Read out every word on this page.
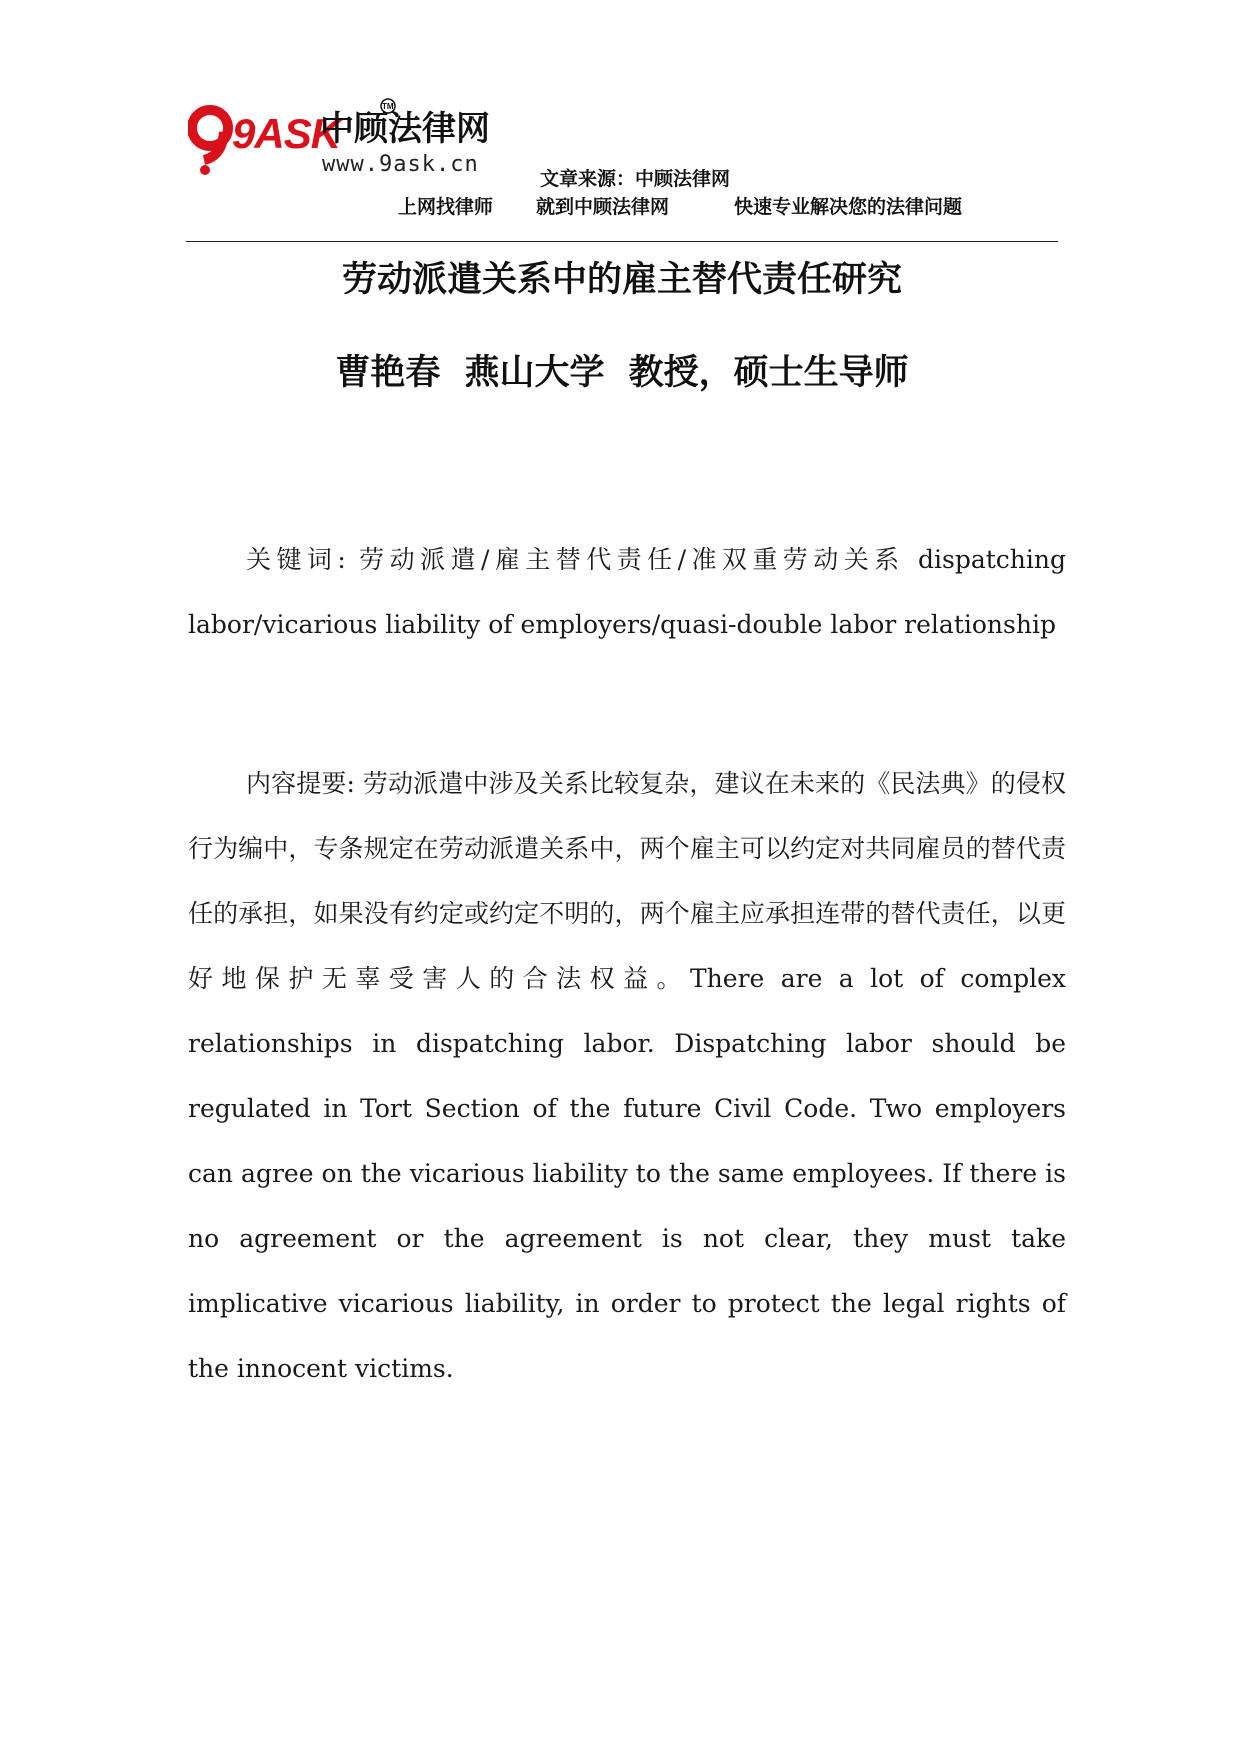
9ASK
中顾法律网
TM
www.9ask.cn
文章来源：中顾法律网
上网找律师 就到中顾法律网	快速专业解决您的法律问题
劳动派遣关系中的雇主替代责任研究
曹艳春 燕山大学 教授，硕士生导师

关键词: 劳动派遣/雇主替代责任/准双重劳动关系 dispatching labor/vicarious liability of employers/quasi-double labor relationship

内容提要: 劳动派遣中涉及关系比较复杂，建议在未来的《民法典》的侵权行为编中，专条规定在劳动派遣关系中，两个雇主可以约定对共同雇员的替代责任的承担，如果没有约定或约定不明的，两个雇主应承担连带的替代责任，以更好地保护无辜受害人的合法权益。There are a lot of complex relationships in dispatching labor. Dispatching labor should be regulated in Tort Section of the future Civil Code. Two employers can agree on the vicarious liability to the same employees. If there is no agreement or the agreement is not clear, they must take implicative vicarious liability, in order to protect the legal rights of the innocent victims.
